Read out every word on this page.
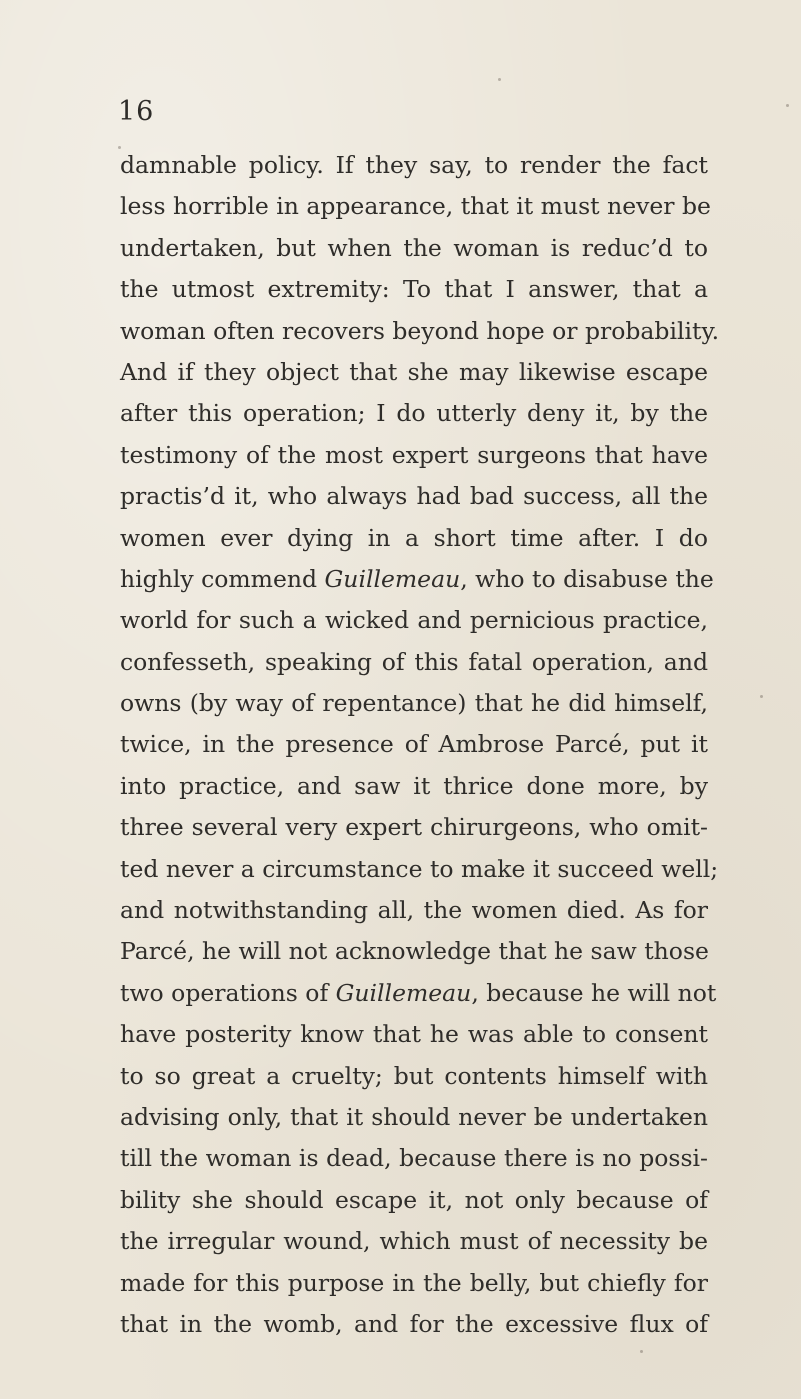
16
damnable policy. If they say, to render the fact
less horrible in appearance, that it must never be
undertaken, but when the woman is reduc’d to
the utmost extremity: To that I answer, that a
woman often recovers beyond hope or probability.
And if they object that she may likewise escape
after this operation; I do utterly deny it, by the
testimony of the most expert surgeons that have
practis’d it, who always had bad success, all the
women ever dying in a short time after. I do
highly commend Guillemeau, who to disabuse the
world for such a wicked and pernicious practice,
confesseth, speaking of this fatal operation, and
owns (by way of repentance) that he did himself,
twice, in the presence of Ambrose Parcé, put it
into practice, and saw it thrice done more, by
three several very expert chirurgeons, who omit-
ted never a circumstance to make it succeed well;
and notwithstanding all, the women died. As for
Parcé, he will not acknowledge that he saw those
two operations of Guillemeau, because he will not
have posterity know that he was able to consent
to so great a cruelty; but contents himself with
advising only, that it should never be undertaken
till the woman is dead, because there is no possi-
bility she should escape it, not only because of
the irregular wound, which must of necessity be
made for this purpose in the belly, but chiefly for
that in the womb, and for the excessive flux of
